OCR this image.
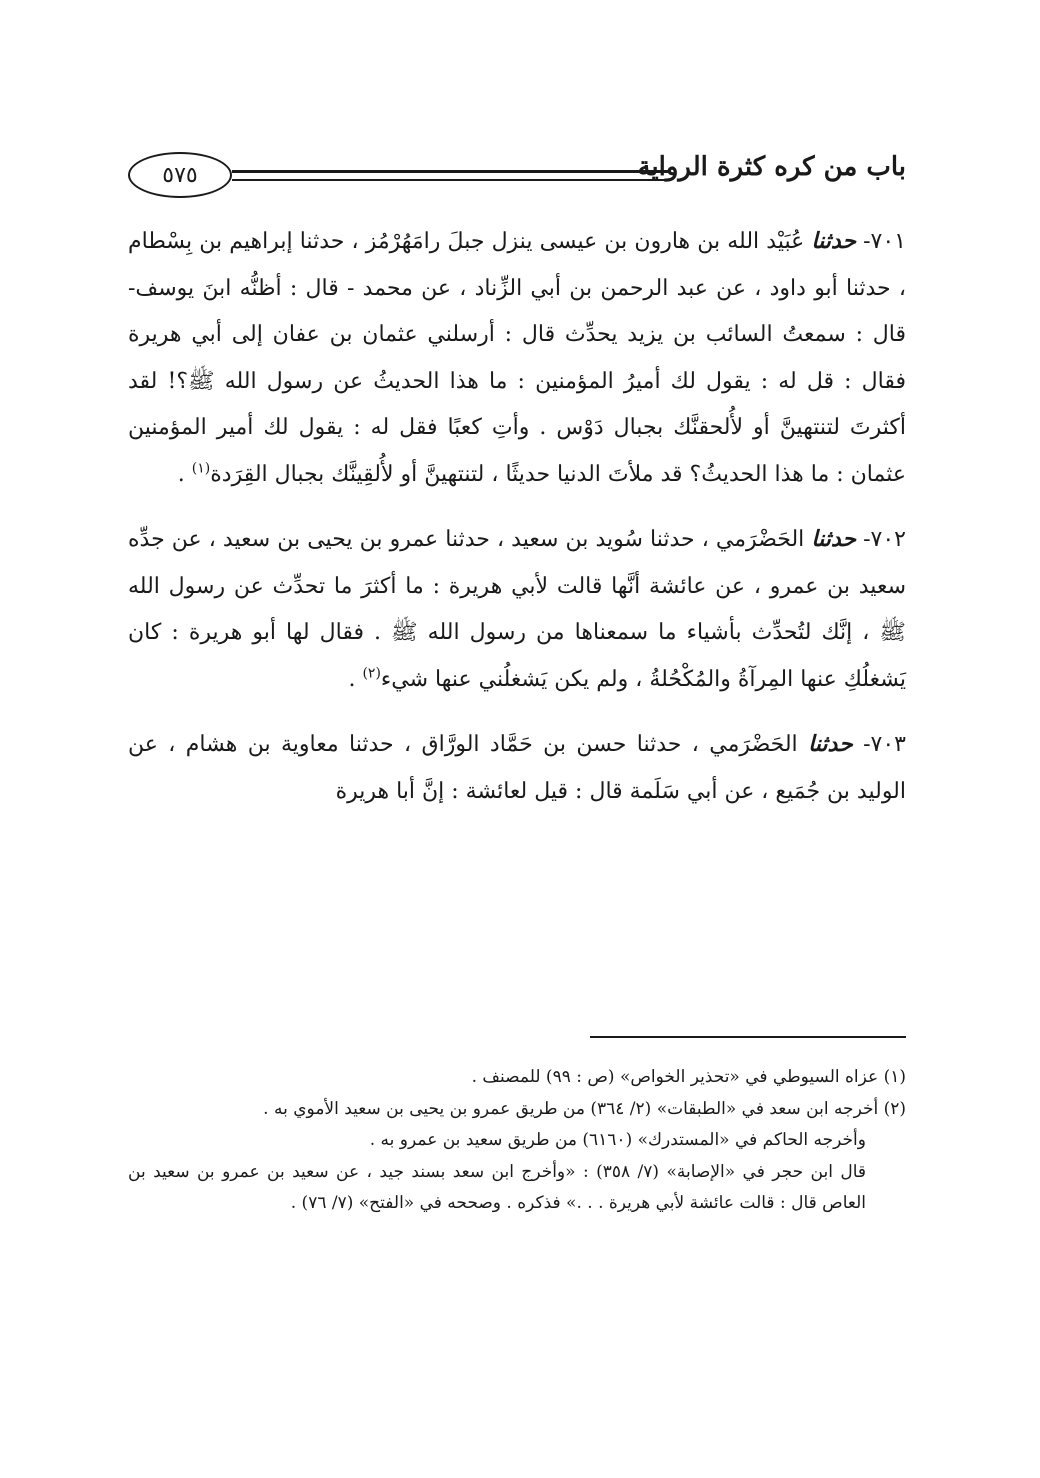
٥٧٥	باب من كره كثرة الرواية

٧٠١- حدثنا عُبَيْد الله بن هارون بن عيسى ينزل جبلَ رامَهُرْمُز ، حدثنا إبراهيم بن بِسْطام ، حدثنا أبو داود ، عن عبد الرحمن بن أبي الزِّناد ، عن محمد - قال : أظنُّه ابنَ يوسف- قال : سمعتُ السائب بن يزيد يحدِّث قال : أرسلني عثمان بن عفان إلى أبي هريرة فقال : قل له : يقول لك أميرُ المؤمنين : ما هذا الحديثُ عن رسول الله ﷺ؟! لقد أكثرتَ لتنتهينَّ أو لأُلحقنَّك بجبال دَوْس . وأتِ كعبًا فقل له : يقول لك أمير المؤمنين عثمان : ما هذا الحديثُ؟ قد ملأتَ الدنيا حديثًا ، لتنتهينَّ أو لأُلقِينَّك بجبال القِرَدة$^{(١)}$ .

٧٠٢- حدثنا الحَضْرَمي ، حدثنا سُويد بن سعيد ، حدثنا عمرو بن يحيى بن سعيد ، عن جدِّه سعيد بن عمرو ، عن عائشة أنَّها قالت لأبي هريرة : ما أكثرَ ما تحدِّث عن رسول الله ﷺ ، إنَّك لتُحدِّث بأشياء ما سمعناها من رسول الله ﷺ . فقال لها أبو هريرة : كان يَشغلُكِ عنها المِرآةُ والمُكْحُلةُ ، ولم يكن يَشغلُني عنها شيء$^{(٢)}$ .

٧٠٣- حدثنا الحَضْرَمي ، حدثنا حسن بن حَمَّاد الورَّاق ، حدثنا معاوية بن هشام ، عن الوليد بن جُمَيع ، عن أبي سَلَمة قال : قيل لعائشة : إنَّ أبا هريرة

(١) عزاه السيوطي في «تحذير الخواص» (ص : ٩٩) للمصنف .

(٢) أخرجه ابن سعد في «الطبقات» (٢/ ٣٦٤) من طريق عمرو بن يحيى بن سعيد الأموي به .

وأخرجه الحاكم في «المستدرك» (٦١٦٠) من طريق سعيد بن عمرو به .

قال ابن حجر في «الإصابة» (٧/ ٣٥٨) : «وأخرج ابن سعد بسند جيد ، عن سعيد بن عمرو بن سعيد بن العاص قال : قالت عائشة لأبي هريرة . . .» فذكره . وصححه في «الفتح» (٧/ ٧٦) .
